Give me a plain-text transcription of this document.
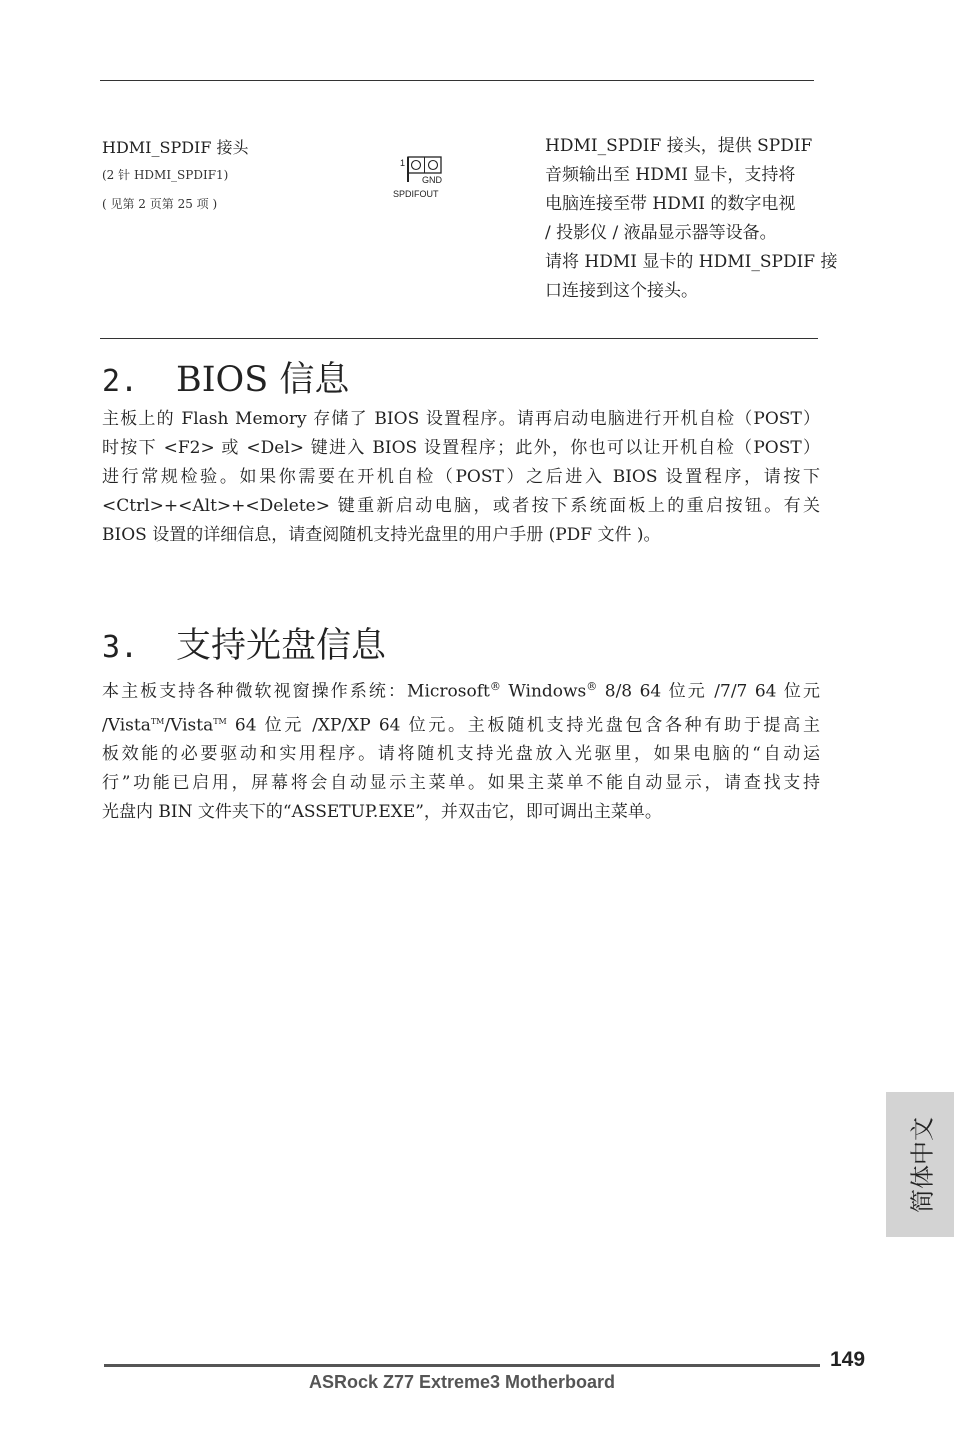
HDMI_SPDIF 接头
(2 针 HDMI_SPDIF1)
( 见第 2 页第 25 项 )
1
GND
SPDIFOUT
HDMI_SPDIF 接头，提供 SPDIF
音频输出至 HDMI 显卡，支持将
电脑连接至带 HDMI 的数字电视
/ 投影仪 / 液晶显示器等设备。
请将 HDMI 显卡的 HDMI_SPDIF 接
口连接到这个接头。
2. BIOS 信息
主板上的 Flash Memory 存储了 BIOS 设置程序。请再启动电脑进行开机自检（POST）
时按下 <F2> 或 <Del> 键进入 BIOS 设置程序；此外，你也可以让开机自检（POST）
进行常规检验。如果你需要在开机自检（POST）之后进入 BIOS 设置程序，请按下
<Ctrl>+<Alt>+<Delete> 键重新启动电脑，或者按下系统面板上的重启按钮。有关
BIOS 设置的详细信息，请查阅随机支持光盘里的用户手册 (PDF 文件 )。
3. 支持光盘信息
本主板支持各种微软视窗操作系统：Microsoft® Windows® 8/8 64 位元 /7/7 64 位元
/Vista™/Vista™ 64 位元 /XP/XP 64 位元。主板随机支持光盘包含各种有助于提高主
板效能的必要驱动和实用程序。请将随机支持光盘放入光驱里，如果电脑的“自动运
行”功能已启用，屏幕将会自动显示主菜单。如果主菜单不能自动显示，请查找支持
光盘内 BIN 文件夹下的“ASSETUP.EXE”，并双击它，即可调出主菜单。
简体中文
149
ASRock Z77 Extreme3 Motherboard
